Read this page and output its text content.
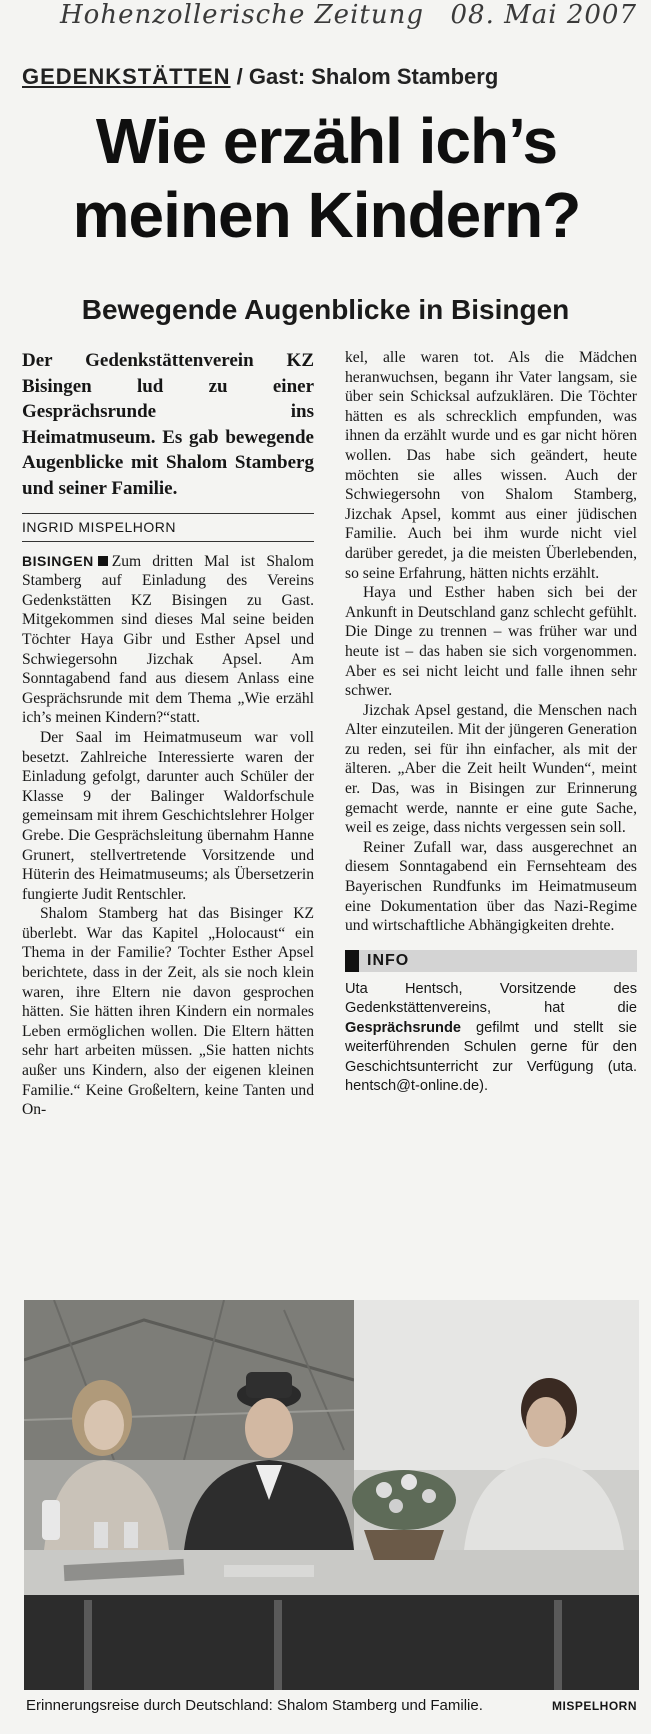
Hohenzollerische Zeitung 08. Mai 2007
GEDENKSTÄTTEN / Gast: Shalom Stamberg
Wie erzähl ich’s
meinen Kindern?
Bewegende Augenblicke in Bisingen

Der Gedenkstättenverein KZ Bisingen lud zu einer Gesprächsrunde ins Heimatmuseum. Es gab bewegende Augenblicke mit Shalom Stamberg und seiner Familie.

INGRID MISPELHORN

BISINGEN Zum dritten Mal ist Shalom Stamberg auf Einladung des Vereins Gedenkstätten KZ Bisingen zu Gast. Mitgekommen sind dieses Mal seine beiden Töchter Haya Gibr und Esther Apsel und Schwiegersohn Jizchak Apsel. Am Sonntagabend fand aus diesem Anlass eine Gesprächsrunde mit dem Thema „Wie erzähl ich’s meinen Kindern?“statt.

Der Saal im Heimatmuseum war voll besetzt. Zahlreiche Interessierte waren der Einladung gefolgt, darunter auch Schüler der Klasse 9 der Balinger Waldorfschule gemeinsam mit ihrem Geschichtslehrer Holger Grebe. Die Gesprächsleitung übernahm Hanne Grunert, stellvertretende Vorsitzende und Hüterin des Heimatmuseums; als Übersetzerin fungierte Judit Rentschler.

Shalom Stamberg hat das Bisinger KZ überlebt. War das Kapitel „Holocaust“ ein Thema in der Familie? Tochter Esther Apsel berichtete, dass in der Zeit, als sie noch klein waren, ihre Eltern nie davon gesprochen hätten. Sie hätten ihren Kindern ein normales Leben ermöglichen wollen. Die Eltern hätten sehr hart arbeiten müssen. „Sie hatten nichts außer uns Kindern, also der eigenen kleinen Familie.“ Keine Großeltern, keine Tanten und On-

kel, alle waren tot. Als die Mädchen heranwuchsen, begann ihr Vater langsam, sie über sein Schicksal aufzuklären. Die Töchter hätten es als schrecklich empfunden, was ihnen da erzählt wurde und es gar nicht hören wollen. Das habe sich geändert, heute möchten sie alles wissen. Auch der Schwiegersohn von Shalom Stamberg, Jizchak Apsel, kommt aus einer jüdischen Familie. Auch bei ihm wurde nicht viel darüber geredet, ja die meisten Überlebenden, so seine Erfahrung, hätten nichts erzählt.

Haya und Esther haben sich bei der Ankunft in Deutschland ganz schlecht gefühlt. Die Dinge zu trennen – was früher war und heute ist – das haben sie sich vorgenommen. Aber es sei nicht leicht und falle ihnen sehr schwer.

Jizchak Apsel gestand, die Menschen nach Alter einzuteilen. Mit der jüngeren Generation zu reden, sei für ihn einfacher, als mit der älteren. „Aber die Zeit heilt Wunden“, meint er. Das, was in Bisingen zur Erinnerung gemacht werde, nannte er eine gute Sache, weil es zeige, dass nichts vergessen sein soll.

Reiner Zufall war, dass ausgerechnet an diesem Sonntagabend ein Fernsehteam des Bayerischen Rundfunks im Heimatmuseum eine Dokumentation über das Nazi-Regime und wirtschaftliche Abhängigkeiten drehte.

INFO
Uta Hentsch, Vorsitzende des Gedenkstättenvereins, hat die Gesprächsrunde gefilmt und stellt sie weiterführenden Schulen gerne für den Geschichtsunterricht zur Verfügung (uta. hentsch@t-online.de).
Erinnerungsreise durch Deutschland: Shalom Stamberg und Familie.	MISPELHORN
